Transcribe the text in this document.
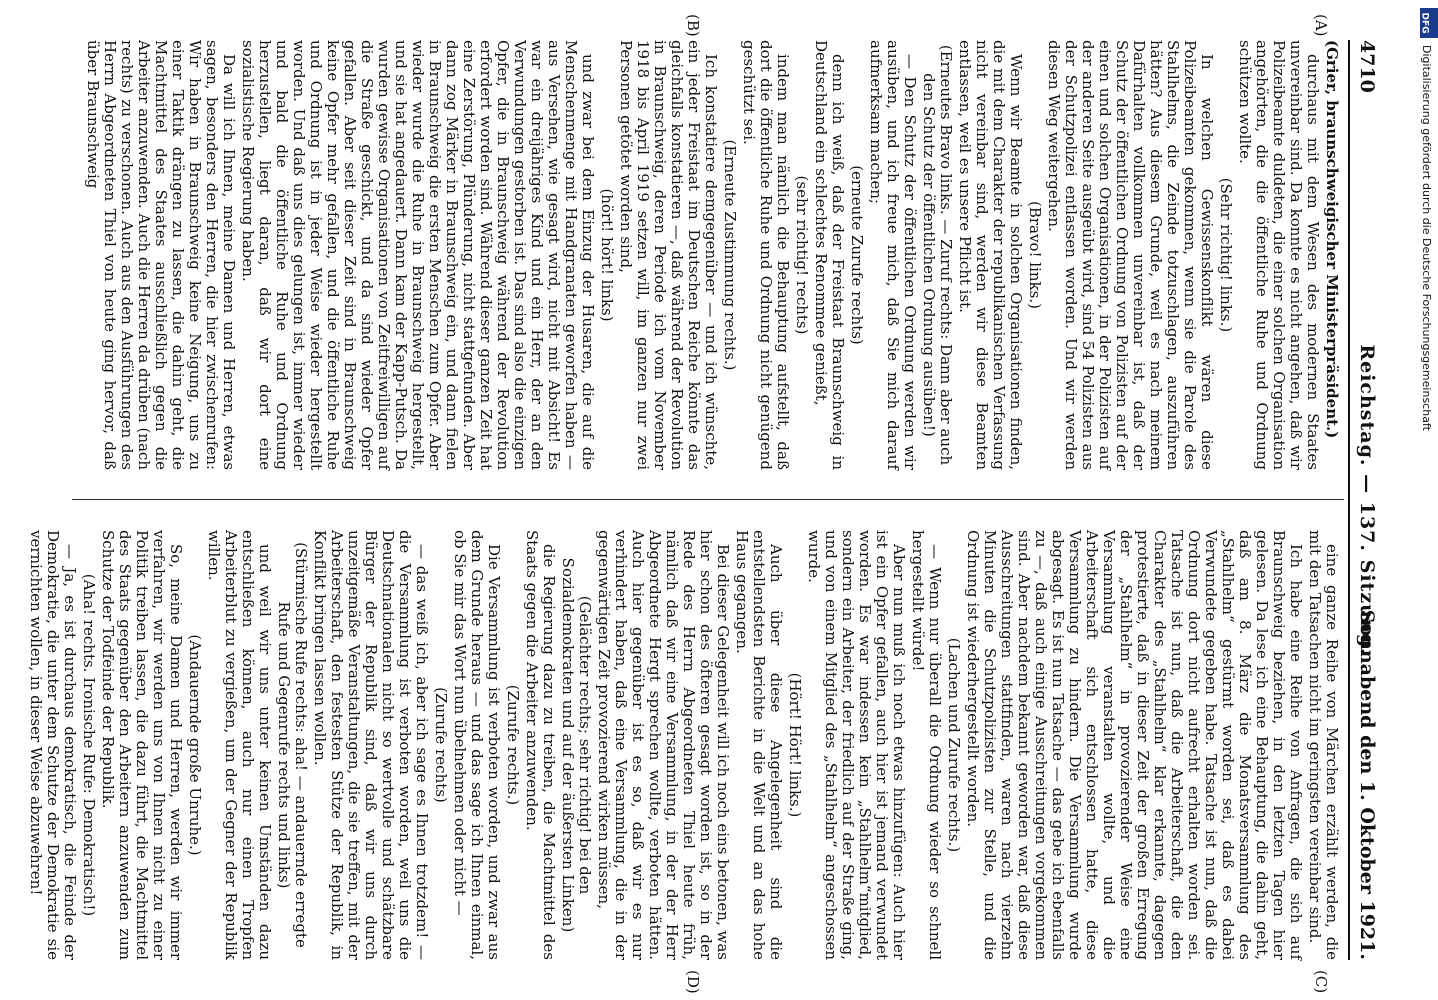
4710
Reichstag. — 137. Sitzung.
Sonnabend den 1. Oktober 1921.

(Grier, braunschweigischer Ministerpräsident.)

durchaus mit dem Wesen des modernen Staates unvereinbar sind. Da konnte es nicht angehen, daß wir Polizeibeamte duldeten, die einer solchen Organisation angehörten, die die öffentliche Ruhe und Ordnung schützen wollte.

(Sehr richtig! links.)

In welchen Gewissenskonflikt wären diese Polizeibeamten gekommen, wenn sie die Parole des Stahlhelms, die Zeinde totzuschlagen, auszuführen hätten? Aus diesem Grunde, weil es nach meinem Dafürhalten vollkommen unvereinbar ist, daß der Schutz der öffentlichen Ordnung von Polizisten auf der einen und solchen Organisationen, in der Polizisten auf der anderen Seite ausgeübt wird, sind 54 Polizisten aus der Schutzpolizei entlassen worden. Und wir werden diesen Weg weitergehen.

(Bravo! links.)

Wenn wir Beamte in solchen Organisationen finden, die mit dem Charakter der republikanischen Verfassung nicht vereinbar sind, werden wir diese Beamten entlassen, weil es unsere Pflicht ist.

(Erneutes Bravo links. — Zuruf rechts: Dann aber auch den Schutz der öffentlichen Ordnung ausüben!)

— Den Schutz der öffentlichen Ordnung werden wir ausüben, und ich freue mich, daß Sie mich darauf aufmerksam machen;

(erneute Zurufe rechts)

denn ich weiß, daß der Freistaat Braunschweig in Deutschland ein schlechtes Renommee genießt,

(sehr richtig! rechts)

indem man nämlich die Behauptung aufstellt, daß dort die öffentliche Ruhe und Ordnung nicht genügend geschützt sei.

(Erneute Zustimmung rechts.)

Ich konstatiere demgegenüber — und ich wünschte, ein jeder Freistaat im Deutschen Reiche könnte das gleichfalls konstatieren —, daß während der Revolution in Braunschweig, deren Periode ich vom November 1918 bis April 1919 setzen will, im ganzen nur zwei Personen getötet worden sind,

(hört! hört! links)

und zwar bei dem Einzug der Husaren, die auf die Menschenmenge mit Handgranaten geworfen haben — aus Versehen, wie gesagt wird, nicht mit Absicht! Es war ein dreijähriges Kind und ein Herr, der an den Verwundungen gestorben ist. Das sind also die einzigen Opfer, die in Braunschweig während der Revolution erfordert worden sind. Während dieser ganzen Zeit hat eine Zerstörung, Plünderung, nicht stattgefunden. Aber dann zog Märker in Braunschweig ein, und dann fielen in Braunschweig die ersten Menschen zum Opfer. Aber wieder wurde die Ruhe in Braunschweig hergestellt, und sie hat angedauert. Dann kam der Kapp-Putsch. Da wurden gewisse Organisationen von Zeitfreiwilligen auf die Straße geschickt, und da sind wieder Opfer gefallen. Aber seit dieser Zeit sind in Braunschweig keine Opfer mehr gefallen, und die öffentliche Ruhe und Ordnung ist in jeder Weise wieder hergestellt worden. Und daß uns dies gelungen ist, immer wieder und bald die öffentliche Ruhe und Ordnung herzustellen, liegt daran, daß wir dort eine sozialistische Regierung haben.

Da will ich Ihnen, meine Damen und Herren, etwas sagen, besonders den Herren, die hier zwischenrufen: Wir haben in Braunschweig keine Neigung, uns zu einer Taktik drängen zu lassen, die dahin geht, die Machtmittel des Staates ausschließlich gegen die Arbeiter anzuwenden. Auch die Herren da drüben (nach rechts) zu verschonen. Auch aus den Ausführungen des Herrn Abgeordneten Thiel von heute ging hervor, daß über Braunschweig

eine ganze Reihe von Märchen erzählt werden, die mit den Tatsachen nicht im geringsten vereinbar sind.

Ich habe eine Reihe von Anfragen, die sich auf Braunschweig beziehen, in den letzten Tagen hier gelesen. Da lese ich eine Behauptung, die dahin geht, daß am 8. März die Monatsversammlung des „Stahlhelm“ gestürmt worden sei, daß es dabei Verwundete gegeben habe. Tatsache ist nun, daß die Ordnung dort nicht aufrecht erhalten worden sei. Tatsache ist nun, daß die Arbeiterschaft, die den Charakter des „Stahlhelm“ klar erkannte, dagegen protestierte, daß in dieser Zeit der großen Erregung der „Stahlhelm“ in provozierender Weise eine Versammlung veranstalten wollte, und die Arbeiterschaft sich entschlossen hatte, diese Versammlung zu hindern. Die Versammlung wurde abgesagt. Es ist nun Tatsache — das gebe ich ebenfalls zu —, daß auch einige Ausschreitungen vorgekommen sind. Aber nachdem bekannt geworden war, daß diese Ausschreitungen stattfinden, waren nach vierzehn Minuten die Schutzpolizisten zur Stelle, und die Ordnung ist wiederhergestellt worden.

(Lachen und Zurufe rechts.)

— Wenn nur überall die Ordnung wieder so schnell hergestellt würde!

Aber nun muß ich noch etwas hinzufügen: Auch hier ist ein Opfer gefallen, auch hier ist jemand verwundet worden. Es war indessen kein „Stahlhelm“mitglied, sondern ein Arbeiter, der friedlich auf der Straße ging, und von einem Mitglied des „Stahlhelm“ angeschossen wurde.

(Hört! Hört! links.)

Auch über diese Angelegenheit sind die entstellendsten Berichte in die Welt und an das hohe Haus gegangen.

Bei dieser Gelegenheit will ich noch eins betonen, was hier schon des öfteren gesagt worden ist, so in der Rede des Herrn Abgeordneten Thiel heute früh, nämlich daß wir eine Versammlung, in der der Herr Abgeordnete Hergt sprechen wollte, verboten hätten. Auch hier gegenüber ist es so, daß wir es nur verhindert haben, daß eine Versammlung, die in der gegenwärtigen Zeit provozierend wirken müssen,

(Gelächter rechts; sehr richtig! bei den Sozialdemokraten und auf der äußersten Linken)

die Regierung dazu zu treiben, die Machtmittel des Staats gegen die Arbeiter anzuwenden.

(Zurufe rechts.)

Die Versammlung ist verboten worden, und zwar aus dem Grunde heraus — und das sage ich Ihnen einmal, ob Sie mir das Wort nun übelnehmen oder nicht —

(Zurufe rechts)

— das weiß ich, aber ich sage es Ihnen trotzdem! — die Versammlung ist verboten worden, weil uns die Deutschnationalen nicht so wertvolle und schätzbare Bürger der Republik sind, daß wir uns durch unzeitgemäße Veranstaltungen, die sie treffen, mit der Arbeiterschaft, den festesten Stütze der Republik, in Konflikt bringen lassen wollen.

(Stürmische Rufe rechts: aha! — andauernde erregte Rufe und Gegenrufe rechts und links)

und weil wir uns unter keinen Umständen dazu entschließen können, auch nur einen Tropfen Arbeiterblut zu vergießen, um der Gegner der Republik willen.

(Andauernde große Unruhe.)

So, meine Damen und Herren, werden wir immer verfahren, wir werden uns von Ihnen nicht zu einer Politik treiben lassen, die dazu führt, die Machtmittel des Staats gegenüber den Arbeitern anzuwenden zum Schutze der Todfeinde der Republik.

(Aha! rechts. Ironische Rufe: Demokratisch!)

— Ja, es ist durchaus demokratisch, die Feinde der Demokratie, die unter dem Schutze der Demokratie sie vernichten wollen, in dieser Weise abzuwehren!

(A)
(B)
(C)
(D)
DFG
Digitalisierung gefördert durch die Deutsche Forschungsgemeinschaft
